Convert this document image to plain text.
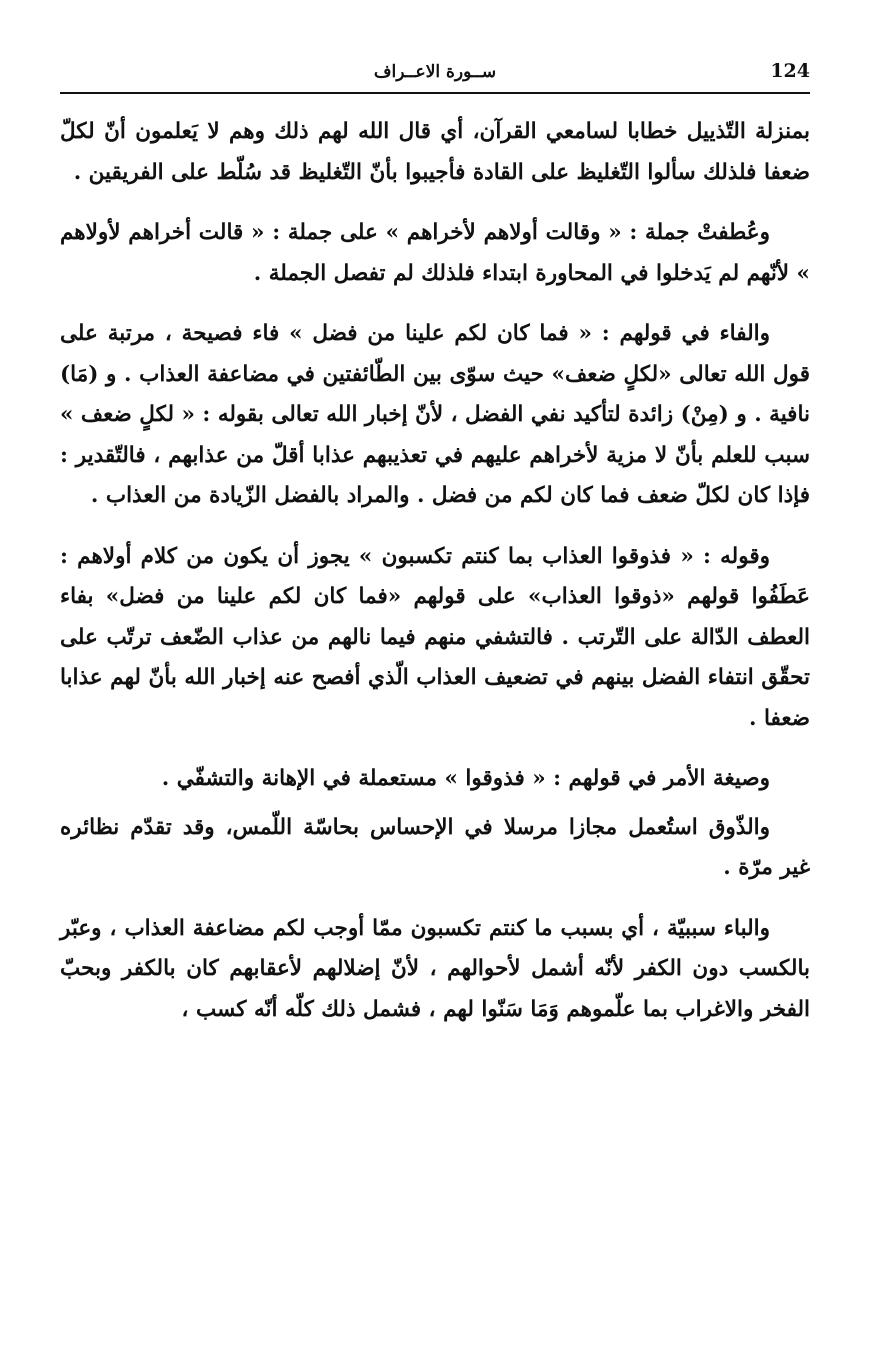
124
ســورة الاعــراف

بمنزلة التّذييل خطابا لسامعي القرآن، أي قال الله لهم ذلك وهم لا يَعلمون أنّ لكلّ ضعفا فلذلك سألوا التّغليظ على القادة فأجيبوا بأنّ التّغليظ قد سُلّط على الفريقين .

وعُطفتْ جملة : « وقالت أولاهم لأخراهم » على جملة : « قالت أخراهم لأولاهم » لأنّهم لم يَدخلوا في المحاورة ابتداء فلذلك لم تفصل الجملة .

والفاء في قولهم : « فما كان لكم علينا من فضل » فاء فصيحة ، مرتبة على قول الله تعالى «لكلٍ ضعف» حيث سوّى بين الطّائفتين في مضاعفة العذاب . و (مَا) نافية . و (مِنْ) زائدة لتأكيد نفي الفضل ، لأنّ إخبار الله تعالى بقوله : « لكلٍ ضعف » سبب للعلم بأنّ لا مزية لأخراهم عليهم في تعذيبهم عذابا أقلّ من عذابهم ، فالتّقدير : فإذا كان لكلّ ضعف فما كان لكم من فضل . والمراد بالفضل الزّيادة من العذاب .

وقوله : « فذوقوا العذاب بما كنتم تكسبون » يجوز أن يكون من كلام أولاهم : عَطَفُوا قولهم «ذوقوا العذاب» على قولهم «فما كان لكم علينا من فضل» بفاء العطف الدّالة على التّرتب . فالتشفي منهم فيما نالهم من عذاب الضّعف ترتّب على تحقّق انتفاء الفضل بينهم في تضعيف العذاب الّذي أفصح عنه إخبار الله بأنّ لهم عذابا ضعفا .

وصيغة الأمر في قولهم : « فذوقوا » مستعملة في الإهانة والتشفّي .

والذّوق استُعمل مجازا مرسلا في الإحساس بحاسّة اللّمس، وقد تقدّم نظائره غير مرّة .

والباء سببيّة ، أي بسبب ما كنتم تكسبون ممّا أوجب لكم مضاعفة العذاب ، وعبّر بالكسب دون الكفر لأنّه أشمل لأحوالهم ، لأنّ إضلالهم لأعقابهم كان بالكفر وبحبّ الفخر والاغراب بما علّموهم وَمَا سَنّوا لهم ، فشمل ذلك كلّه أنّه كسب ،
